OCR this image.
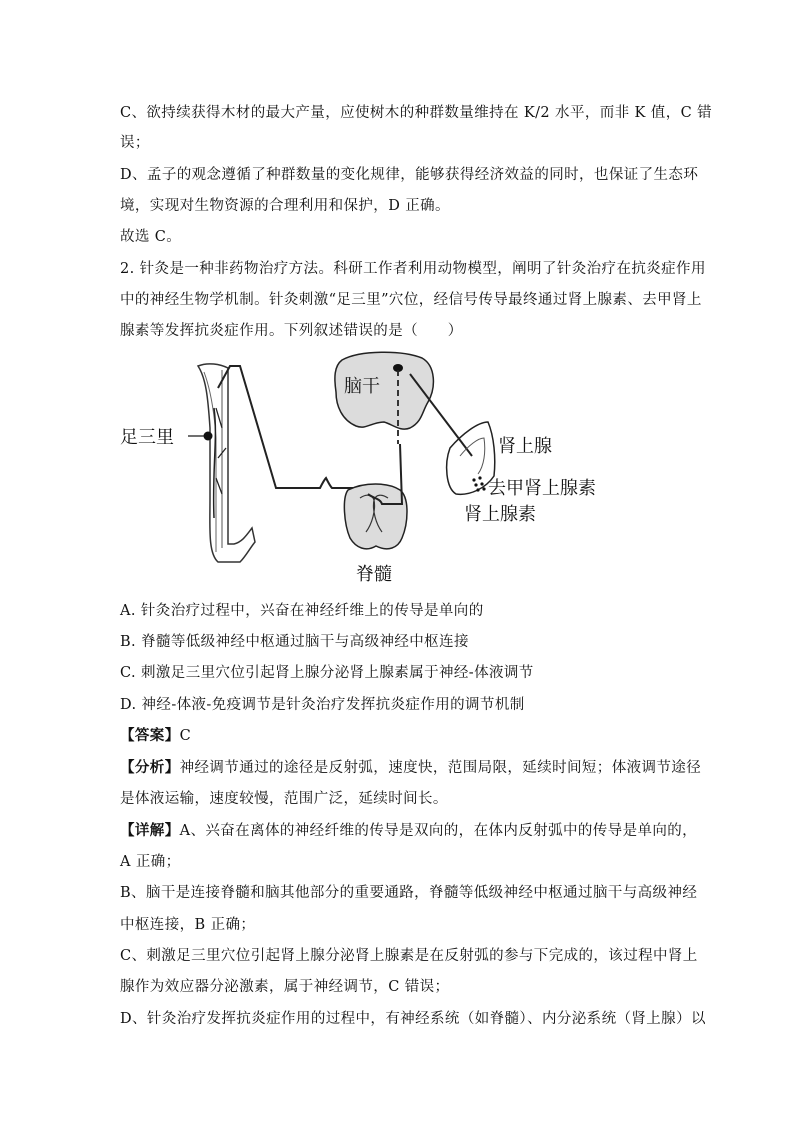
C、欲持续获得木材的最大产量，应使树木的种群数量维持在 K/2 水平，而非 K 值，C 错
误；
D、孟子的观念遵循了种群数量的变化规律，能够获得经济效益的同时，也保证了生态环
境，实现对生物资源的合理利用和保护，D 正确。
故选 C。
2. 针灸是一种非药物治疗方法。科研工作者利用动物模型，阐明了针灸治疗在抗炎症作用
中的神经生物学机制。针灸刺激“足三里”穴位，经信号传导最终通过肾上腺素、去甲肾上
腺素等发挥抗炎症作用。下列叙述错误的是（　　）
脑干
足三里
脊髓
肾上腺
去甲肾上腺素
肾上腺素
A. 针灸治疗过程中，兴奋在神经纤维上的传导是单向的
B. 脊髓等低级神经中枢通过脑干与高级神经中枢连接
C. 刺激足三里穴位引起肾上腺分泌肾上腺素属于神经-体液调节
D. 神经-体液-免疫调节是针灸治疗发挥抗炎症作用的调节机制
【答案】C
【分析】神经调节通过的途径是反射弧，速度快，范围局限，延续时间短；体液调节途径
是体液运输，速度较慢，范围广泛，延续时间长。
【详解】A、兴奋在离体的神经纤维的传导是双向的，在体内反射弧中的传导是单向的，
A 正确；
B、脑干是连接脊髓和脑其他部分的重要通路，脊髓等低级神经中枢通过脑干与高级神经
中枢连接，B 正确；
C、刺激足三里穴位引起肾上腺分泌肾上腺素是在反射弧的参与下完成的，该过程中肾上
腺作为效应器分泌激素，属于神经调节，C 错误；
D、针灸治疗发挥抗炎症作用的过程中，有神经系统（如脊髓）、内分泌系统（肾上腺）以
